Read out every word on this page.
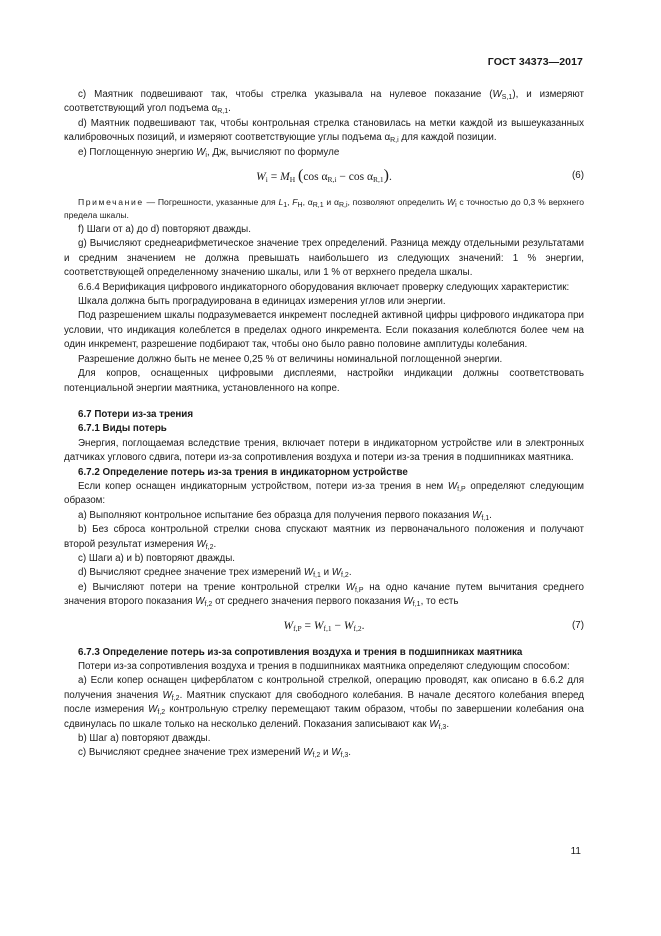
ГОСТ 34373—2017

с) Маятник подвешивают так, чтобы стрелка указывала на нулевое показание $(W_{S,1})$, и измеряют соответствующий угол подъема $\alpha_{R,1}$.

d) Маятник подвешивают так, чтобы контрольная стрелка становилась на метки каждой из вышеуказанных калибровочных позиций, и измеряют соответствующие углы подъема $\alpha_{R,i}$ для каждой позиции.

e) Поглощенную энергию $W_i$, Дж, вычисляют по формуле

$W_i = M_H$ (cos $\alpha_{R,i} - \cos \alpha_{R,1}$).	(6)

Примечание — Погрешности, указанные для $L_1$, $F_H$, $\alpha_{R,1}$ и $\alpha_{R,i}$, позволяют определить $W_i$ с точностью до 0,3 % верхнего предела шкалы.

f) Шаги от а) до d) повторяют дважды.

g) Вычисляют среднеарифметическое значение трех определений. Разница между отдельными результатами и средним значением не должна превышать наибольшего из следующих значений: 1 % энергии, соответствующей определенному значению шкалы, или 1 % от верхнего предела шкалы.

6.6.4 Верификация цифрового индикаторного оборудования включает проверку следующих характеристик:

Шкала должна быть проградуирована в единицах измерения углов или энергии.

Под разрешением шкалы подразумевается инкремент последней активной цифры цифрового индикатора при условии, что индикация колеблется в пределах одного инкремента. Если показания колеблются более чем на один инкремент, разрешение подбирают так, чтобы оно было равно половине амплитуды колебания.

Разрешение должно быть не менее 0,25 % от величины номинальной поглощенной энергии.

Для копров, оснащенных цифровыми дисплеями, настройки индикации должны соответствовать потенциальной энергии маятника, установленного на копре.

6.7 Потери из-за трения

6.7.1 Виды потерь

Энергия, поглощаемая вследствие трения, включает потери в индикаторном устройстве или в электронных датчиках углового сдвига, потери из-за сопротивления воздуха и потери из-за трения в подшипниках маятника.

6.7.2 Определение потерь из-за трения в индикаторном устройстве

Если копер оснащен индикаторным устройством, потери из-за трения в нем $W_{f,P}$ определяют следующим образом:

a) Выполняют контрольное испытание без образца для получения первого показания $W_{f,1}$.

b) Без сброса контрольной стрелки снова спускают маятник из первоначального положения и получают второй результат измерения $W_{f,2}$.

c) Шаги a) и b) повторяют дважды.

d) Вычисляют среднее значение трех измерений $W_{f,1}$ и $W_{f,2}$.

e) Вычисляют потери на трение контрольной стрелки $W_{f,P}$ на одно качание путем вычитания среднего значения второго показания $W_{f,2}$ от среднего значения первого показания $W_{f,1}$, то есть

$W_{f,P} = W_{f,1} - W_{f,2}$.	(7)

6.7.3 Определение потерь из-за сопротивления воздуха и трения в подшипниках маятника

Потери из-за сопротивления воздуха и трения в подшипниках маятника определяют следующим способом:

a) Если копер оснащен циферблатом с контрольной стрелкой, операцию проводят, как описано в 6.6.2 для получения значения $W_{f,2}$. Маятник спускают для свободного колебания. В начале десятого колебания вперед после измерения $W_{f,2}$ контрольную стрелку перемещают таким образом, чтобы по завершении колебания она сдвинулась по шкале только на несколько делений. Показания записывают как $W_{f,3}$.

b) Шаг a) повторяют дважды.

c) Вычисляют среднее значение трех измерений $W_{f,2}$ и $W_{f,3}$.

11
